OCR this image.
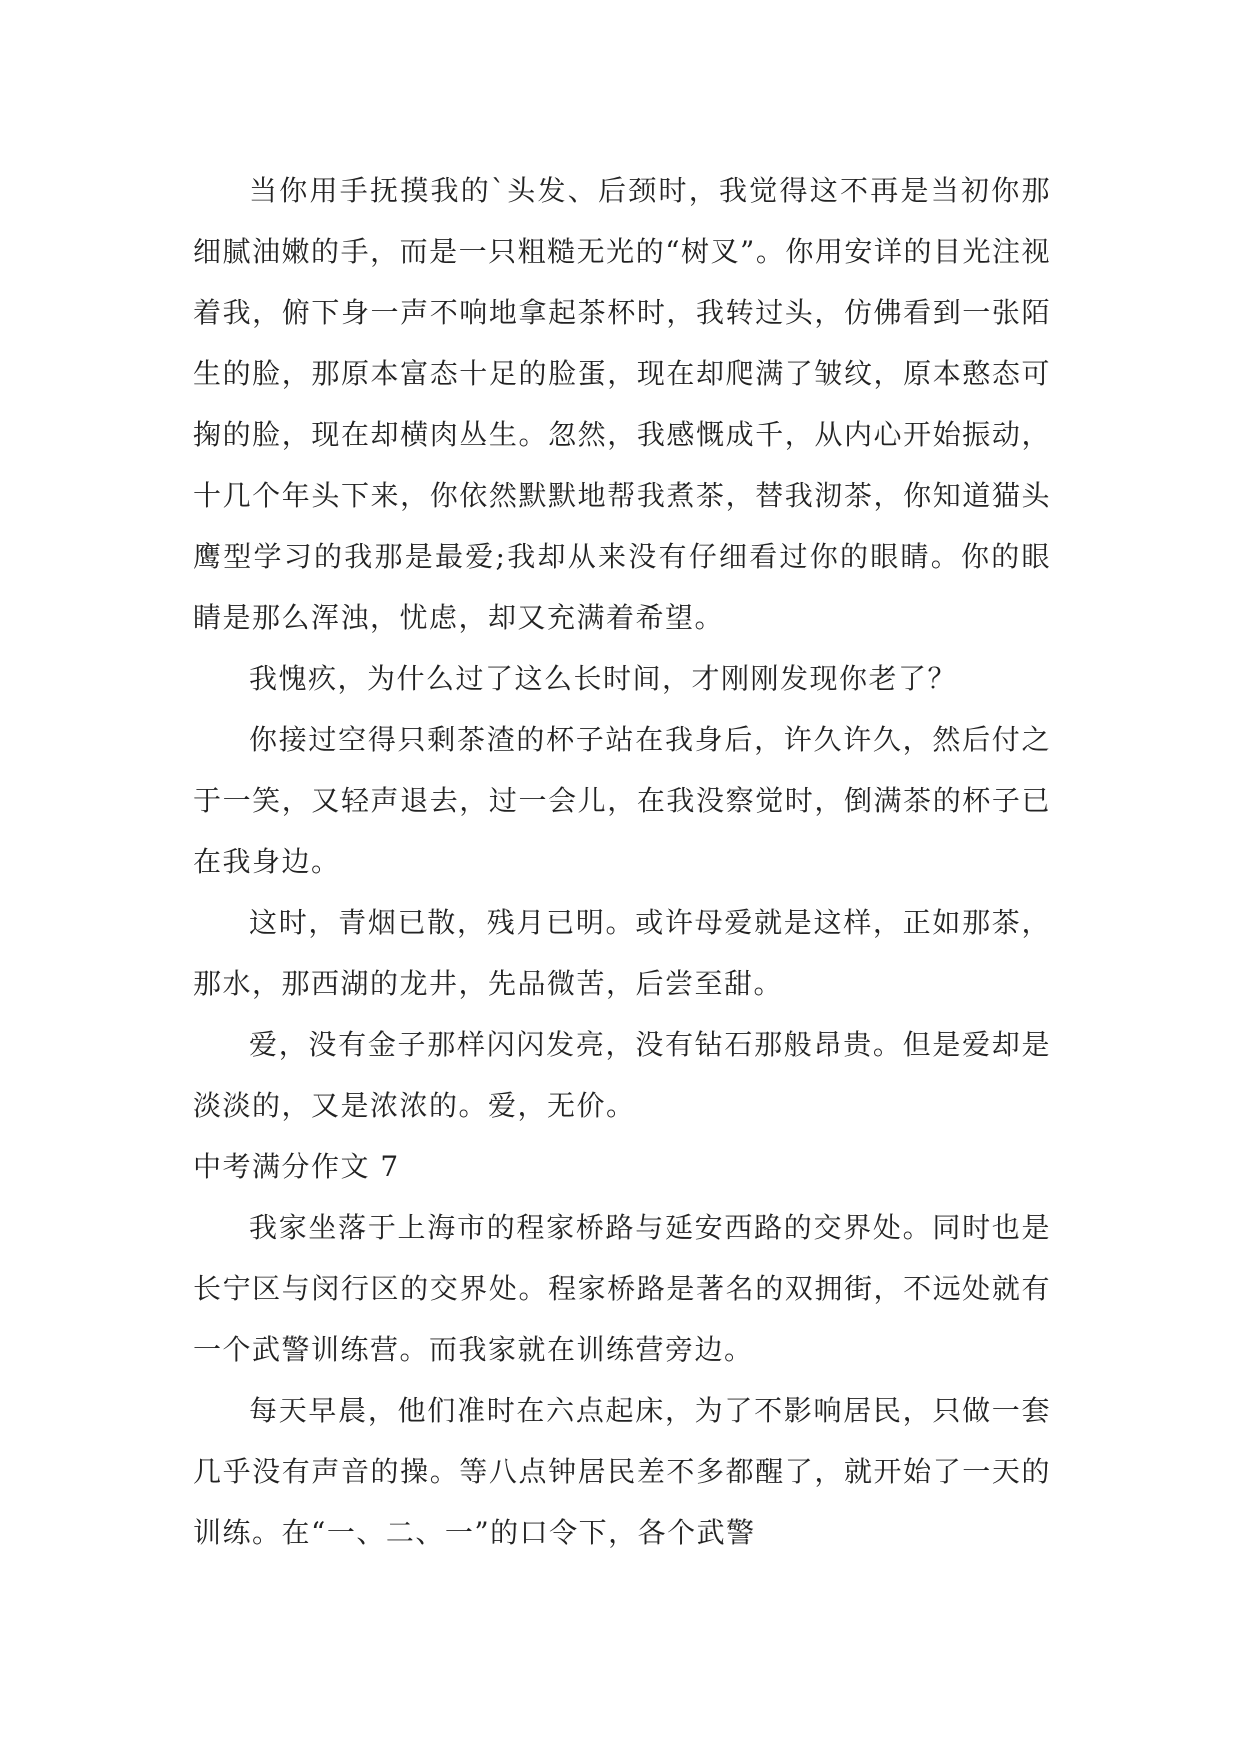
当你用手抚摸我的`头发、后颈时，我觉得这不再是当初你那细腻油嫩的手，而是一只粗糙无光的“树叉”。你用安详的目光注视着我，俯下身一声不响地拿起茶杯时，我转过头，仿佛看到一张陌生的脸，那原本富态十足的脸蛋，现在却爬满了皱纹，原本憨态可掬的脸，现在却横肉丛生。忽然，我感慨成千，从内心开始振动，十几个年头下来，你依然默默地帮我煮茶，替我沏茶，你知道猫头鹰型学习的我那是最爱;我却从来没有仔细看过你的眼睛。你的眼睛是那么浑浊，忧虑，却又充满着希望。

我愧疚，为什么过了这么长时间，才刚刚发现你老了？

你接过空得只剩茶渣的杯子站在我身后，许久许久，然后付之于一笑，又轻声退去，过一会儿，在我没察觉时，倒满茶的杯子已在我身边。

这时，青烟已散，残月已明。或许母爱就是这样，正如那茶，那水，那西湖的龙井，先品微苦，后尝至甜。

爱，没有金子那样闪闪发亮，没有钻石那般昂贵。但是爱却是淡淡的，又是浓浓的。爱，无价。

中考满分作文 7

我家坐落于上海市的程家桥路与延安西路的交界处。同时也是长宁区与闵行区的交界处。程家桥路是著名的双拥街，不远处就有一个武警训练营。而我家就在训练营旁边。

每天早晨，他们准时在六点起床，为了不影响居民，只做一套几乎没有声音的操。等八点钟居民差不多都醒了，就开始了一天的训练。在“一、二、一”的口令下，各个武警
